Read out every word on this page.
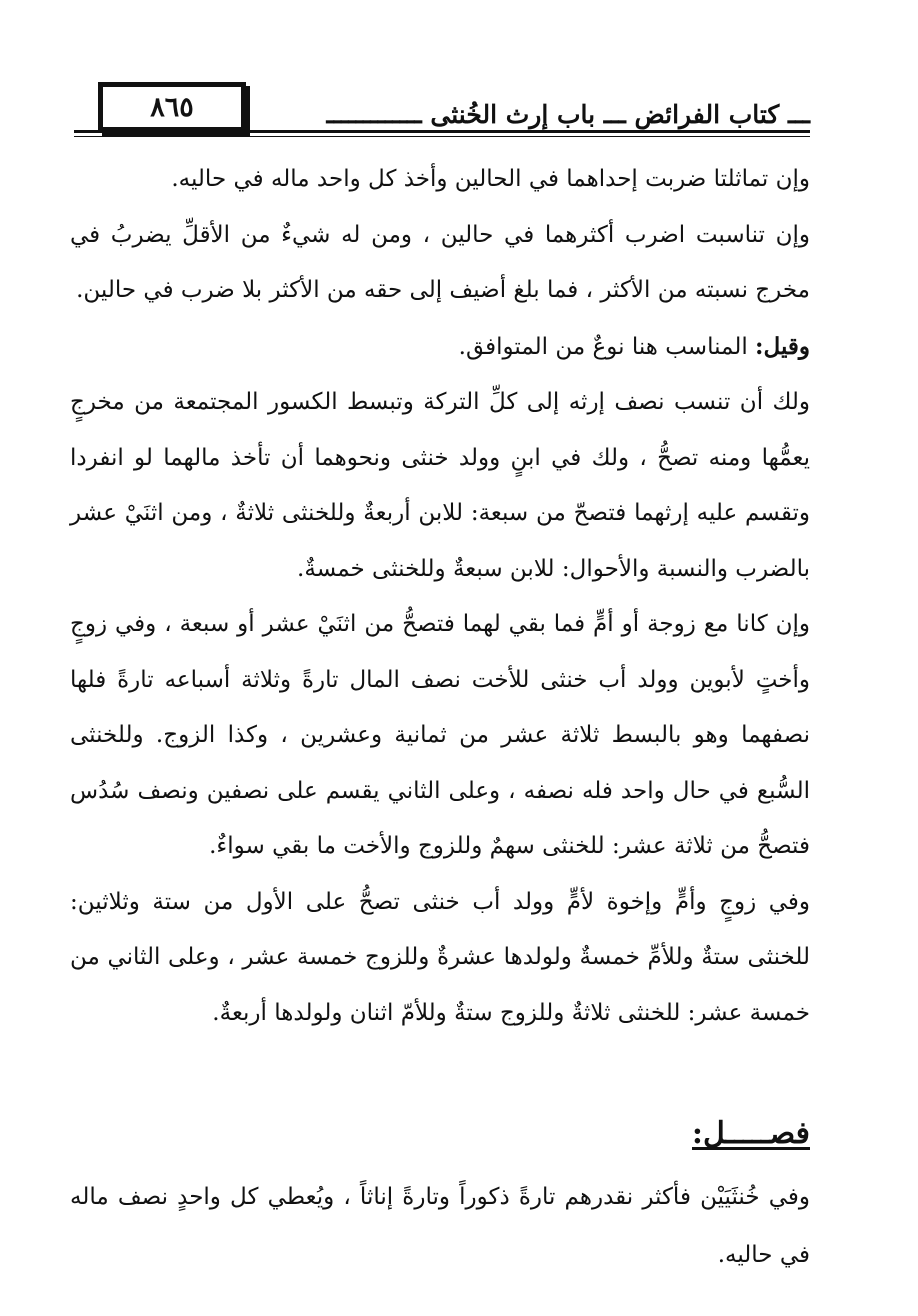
٨٦٥	ـــ كتاب الفرائض ـــ باب إرث الخُنثى ـــــــــــــ

وإن تماثلتا ضربت إحداهما في الحالين وأخذ كل واحد ماله في حاليه.

وإن تناسبت اضرب أكثرهما في حالين ، ومن له شيءٌ من الأقلِّ يضربُ في مخرج نسبته من الأكثر ، فما بلغ أضيف إلى حقه من الأكثر بلا ضرب في حالين.

وقيل: المناسب هنا نوعٌ من المتوافق.

ولك أن تنسب نصف إرثه إلى كلِّ التركة وتبسط الكسور المجتمعة من مخرجٍ يعمُّها ومنه تصحُّ ، ولك في ابنٍ وولد خنثى ونحوهما أن تأخذ مالهما لو انفردا وتقسم عليه إرثهما فتصحّ من سبعة: للابن أربعةٌ وللخنثى ثلاثةٌ ، ومن اثنَيْ عشر بالضرب والنسبة والأحوال: للابن سبعةٌ وللخنثى خمسةٌ.

وإن كانا مع زوجة أو أمٍّ فما بقي لهما فتصحُّ من اثنَيْ عشر أو سبعة ، وفي زوجٍ وأختٍ لأبوين وولد أب خنثى للأخت نصف المال تارةً وثلاثة أسباعه تارةً فلها نصفهما وهو بالبسط ثلاثة عشر من ثمانية وعشرين ، وكذا الزوج. وللخنثى السُّبع في حال واحد فله نصفه ، وعلى الثاني يقسم على نصفين ونصف سُدُس فتصحُّ من ثلاثة عشر: للخنثى سهمٌ وللزوج والأخت ما بقي سواءٌ.

وفي زوجٍ وأمٍّ وإخوة لأمٍّ وولد أب خنثى تصحُّ على الأول من ستة وثلاثين: للخنثى ستةٌ وللأمِّ خمسةٌ ولولدها عشرةٌ وللزوج خمسة عشر ، وعلى الثاني من خمسة عشر: للخنثى ثلاثةٌ وللزوج ستةٌ وللأمّ اثنان ولولدها أربعةٌ.

فصـــــل:

وفي خُنثَيَيْن فأكثر نقدرهم تارةً ذكوراً وتارةً إناثاً ، ويُعطي كل واحدٍ نصف ماله في حاليه.
